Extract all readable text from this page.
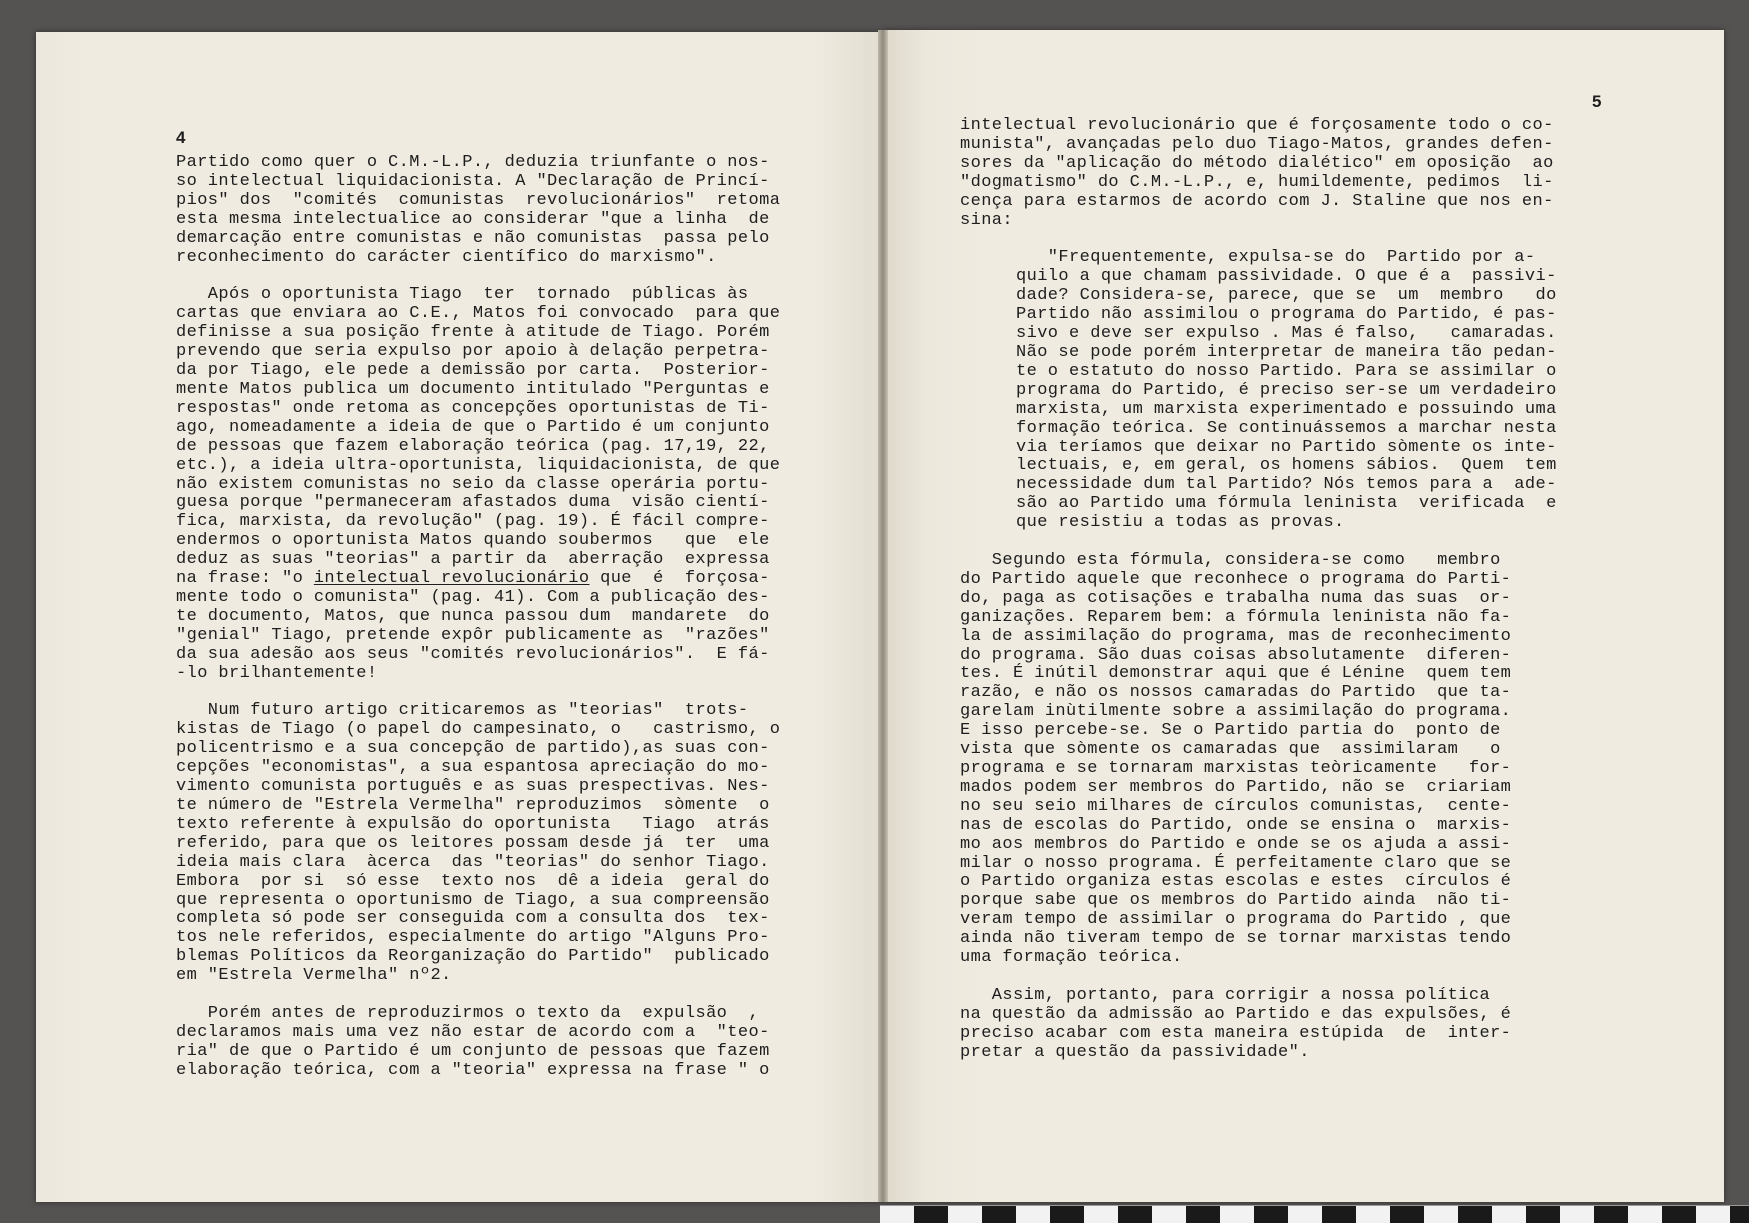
4
5
Partido como quer o C.M.-L.P., deduzia triunfante o nos-
so intelectual liquidacionista. A "Declaração de Princí-
pios" dos  "comités  comunistas  revolucionários"  retoma
esta mesma intelectualice ao considerar "que a linha  de
demarcação entre comunistas e não comunistas  passa pelo
reconhecimento do carácter científico do marxismo".
Após o oportunista Tiago  ter  tornado  públicas às
cartas que enviara ao C.E., Matos foi convocado  para que
definisse a sua posição frente à atitude de Tiago. Porém
prevendo que seria expulso por apoio à delação perpetra-
da por Tiago, ele pede a demissão por carta.  Posterior-
mente Matos publica um documento intitulado "Perguntas e
respostas" onde retoma as concepções oportunistas de Ti-
ago, nomeadamente a ideia de que o Partido é um conjunto
de pessoas que fazem elaboração teórica (pag. 17,19, 22,
etc.), a ideia ultra-oportunista, liquidacionista, de que
não existem comunistas no seio da classe operária portu-
guesa porque "permaneceram afastados duma  visão cientí-
fica, marxista, da revolução" (pag. 19). É fácil compre-
endermos o oportunista Matos quando soubermos   que  ele
deduz as suas "teorias" a partir da  aberração  expressa
na frase: "o intelectual revolucionário que  é  forçosa-
mente todo o comunista" (pag. 41). Com a publicação des-
te documento, Matos, que nunca passou dum  mandarete  do
"genial" Tiago, pretende expôr publicamente as  "razões"
da sua adesão aos seus "comités revolucionários".  E fá-
-lo brilhantemente!
Num futuro artigo criticaremos as "teorias"  trots-
kistas de Tiago (o papel do campesinato, o   castrismo, o
policentrismo e a sua concepção de partido),as suas con-
cepções "economistas", a sua espantosa apreciação do mo-
vimento comunista português e as suas prespectivas. Nes-
te número de "Estrela Vermelha" reproduzimos  sòmente  o
texto referente à expulsão do oportunista   Tiago  atrás
referido, para que os leitores possam desde já  ter  uma
ideia mais clara  àcerca  das "teorias" do senhor Tiago.
Embora  por si  só esse  texto nos  dê a ideia  geral do
que representa o oportunismo de Tiago, a sua compreensão
completa só pode ser conseguida com a consulta dos  tex-
tos nele referidos, especialmente do artigo "Alguns Pro-
blemas Políticos da Reorganização do Partido"  publicado
em "Estrela Vermelha" nº2.
Porém antes de reproduzirmos o texto da  expulsão  ,
declaramos mais uma vez não estar de acordo com a  "teo-
ria" de que o Partido é um conjunto de pessoas que fazem
elaboração teórica, com a "teoria" expressa na frase " o
intelectual revolucionário que é forçosamente todo o co-
munista", avançadas pelo duo Tiago-Matos, grandes defen-
sores da "aplicação do método dialético" em oposição  ao
"dogmatismo" do C.M.-L.P., e, humildemente, pedimos  li-
cença para estarmos de acordo com J. Staline que nos en-
sina:
"Frequentemente, expulsa-se do  Partido por a-
quilo a que chamam passividade. O que é a  passivi-
dade? Considera-se, parece, que se  um  membro   do
Partido não assimilou o programa do Partido, é pas-
sivo e deve ser expulso . Mas é falso,   camaradas.
Não se pode porém interpretar de maneira tão pedan-
te o estatuto do nosso Partido. Para se assimilar o
programa do Partido, é preciso ser-se um verdadeiro
marxista, um marxista experimentado e possuindo uma
formação teórica. Se continuássemos a marchar nesta
via teríamos que deixar no Partido sòmente os inte-
lectuais, e, em geral, os homens sábios.  Quem  tem
necessidade dum tal Partido? Nós temos para a  ade-
são ao Partido uma fórmula leninista  verificada  e
que resistiu a todas as provas.
Segundo esta fórmula, considera-se como   membro
do Partido aquele que reconhece o programa do Parti-
do, paga as cotisações e trabalha numa das suas  or-
ganizações. Reparem bem: a fórmula leninista não fa-
la de assimilação do programa, mas de reconhecimento
do programa. São duas coisas absolutamente  diferen-
tes. É inútil demonstrar aqui que é Lénine  quem tem
razão, e não os nossos camaradas do Partido  que ta-
garelam inùtilmente sobre a assimilação do programa.
E isso percebe-se. Se o Partido partia do  ponto de
vista que sòmente os camaradas que  assimilaram   o
programa e se tornaram marxistas teòricamente   for-
mados podem ser membros do Partido, não se  criariam
no seu seio milhares de círculos comunistas,  cente-
nas de escolas do Partido, onde se ensina o  marxis-
mo aos membros do Partido e onde se os ajuda a assi-
milar o nosso programa. É perfeitamente claro que se
o Partido organiza estas escolas e estes  círculos é
porque sabe que os membros do Partido ainda  não ti-
veram tempo de assimilar o programa do Partido , que
ainda não tiveram tempo de se tornar marxistas tendo
uma formação teórica.
Assim, portanto, para corrigir a nossa política
na questão da admissão ao Partido e das expulsões, é
preciso acabar com esta maneira estúpida  de  inter-
pretar a questão da passividade".
